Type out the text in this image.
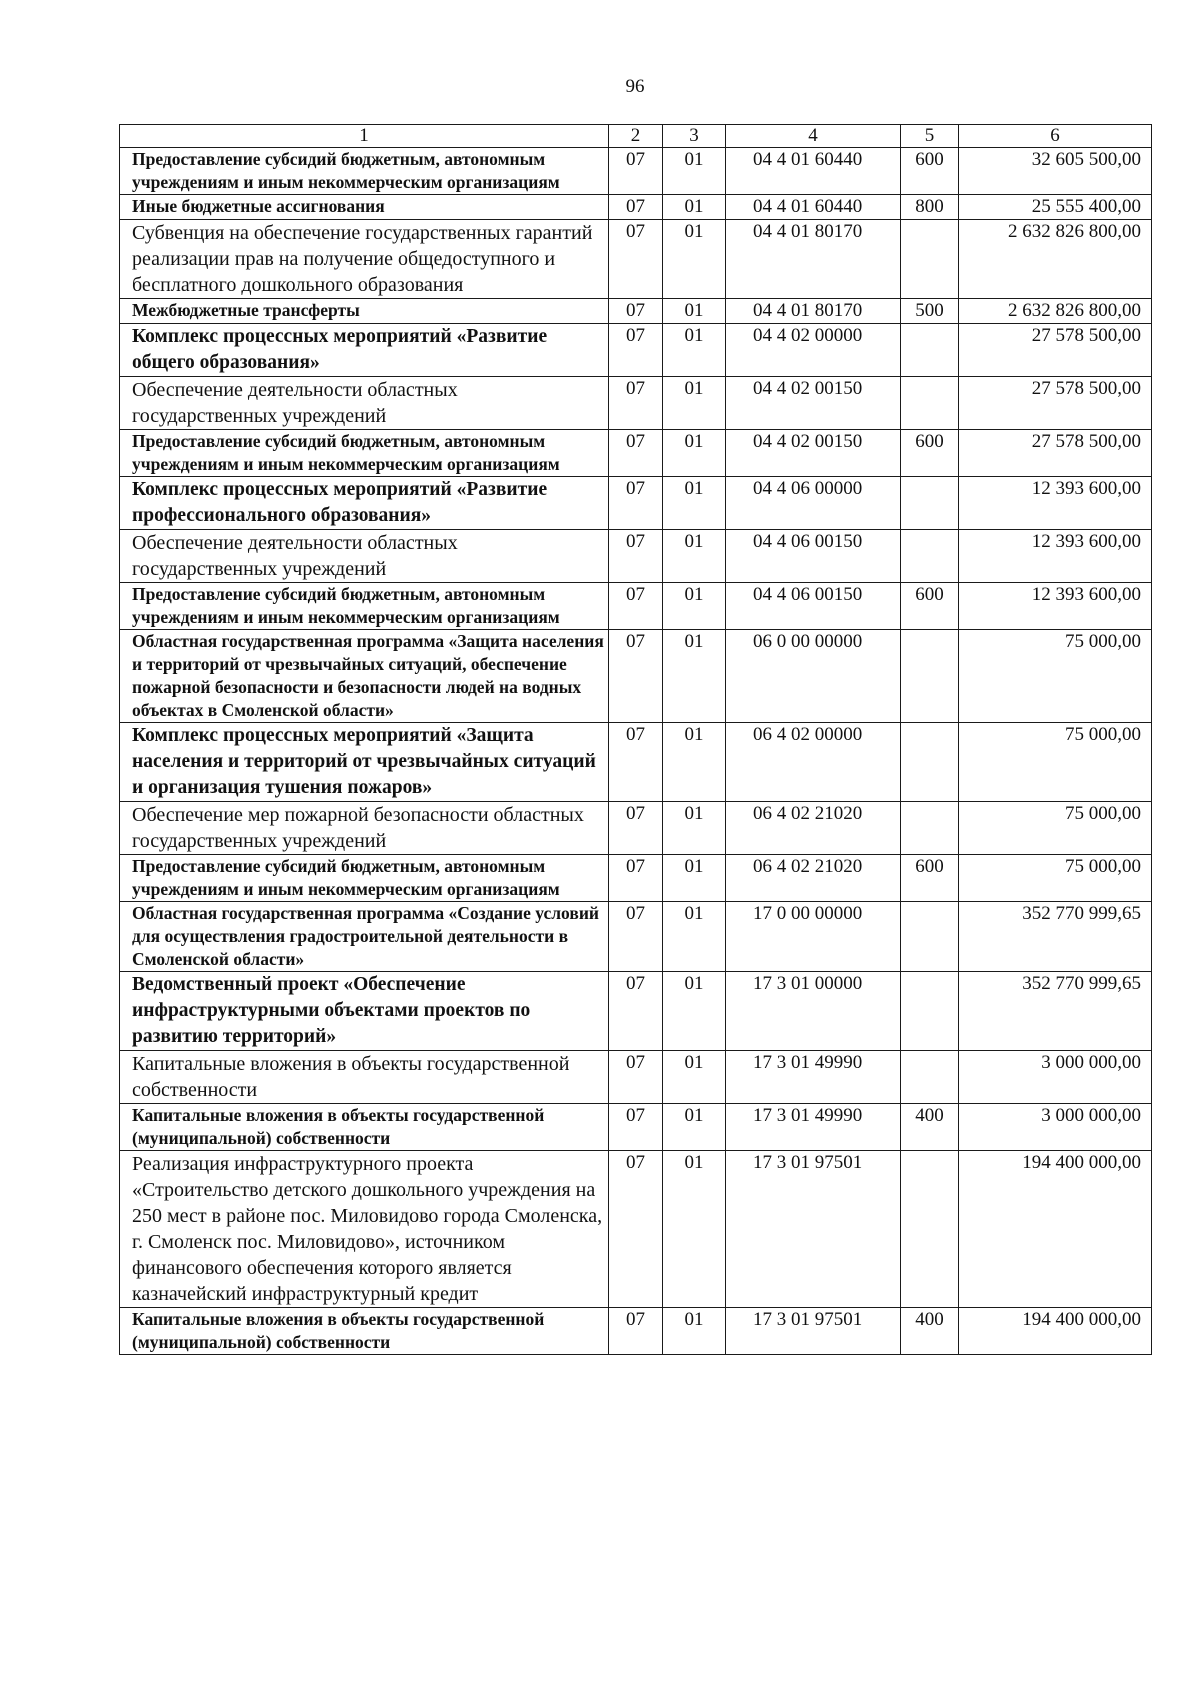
96
1	2	3	4	5	6
Предоставление субсидий бюджетным, автономным учреждениям и иным некоммерческим организациям	07	01	04 4 01 60440	600	32 605 500,00
Иные бюджетные ассигнования	07	01	04 4 01 60440	800	25 555 400,00
Субвенция на обеспечение государственных гарантий реализации прав на получение общедоступного и бесплатного дошкольного образования	07	01	04 4 01 80170		2 632 826 800,00
Межбюджетные трансферты	07	01	04 4 01 80170	500	2 632 826 800,00
Комплекс процессных мероприятий «Развитие общего образования»	07	01	04 4 02 00000		27 578 500,00
Обеспечение деятельности областных государственных учреждений	07	01	04 4 02 00150		27 578 500,00
Предоставление субсидий бюджетным, автономным учреждениям и иным некоммерческим организациям	07	01	04 4 02 00150	600	27 578 500,00
Комплекс процессных мероприятий «Развитие профессионального образования»	07	01	04 4 06 00000		12 393 600,00
Обеспечение деятельности областных государственных учреждений	07	01	04 4 06 00150		12 393 600,00
Предоставление субсидий бюджетным, автономным учреждениям и иным некоммерческим организациям	07	01	04 4 06 00150	600	12 393 600,00
Областная государственная программа «Защита населения и территорий от чрезвычайных ситуаций, обеспечение пожарной безопасности и безопасности людей на водных объектах в Смоленской области»	07	01	06 0 00 00000		75 000,00
Комплекс процессных мероприятий «Защита населения и территорий от чрезвычайных ситуаций и организация тушения пожаров»	07	01	06 4 02 00000		75 000,00
Обеспечение мер пожарной безопасности областных государственных учреждений	07	01	06 4 02 21020		75 000,00
Предоставление субсидий бюджетным, автономным учреждениям и иным некоммерческим организациям	07	01	06 4 02 21020	600	75 000,00
Областная государственная программа «Создание условий для осуществления градостроительной деятельности в Смоленской области»	07	01	17 0 00 00000		352 770 999,65
Ведомственный проект «Обеспечение инфраструктурными объектами проектов по развитию территорий»	07	01	17 3 01 00000		352 770 999,65
Капитальные вложения в объекты государственной собственности	07	01	17 3 01 49990		3 000 000,00
Капитальные вложения в объекты государственной (муниципальной) собственности	07	01	17 3 01 49990	400	3 000 000,00
Реализация инфраструктурного проекта «Строительство детского дошкольного учреждения на 250 мест в районе пос. Миловидово города Смоленска, г. Смоленск пос. Миловидово», источником финансового обеспечения которого является казначейский инфраструктурный кредит	07	01	17 3 01 97501		194 400 000,00
Капитальные вложения в объекты государственной (муниципальной) собственности	07	01	17 3 01 97501	400	194 400 000,00
